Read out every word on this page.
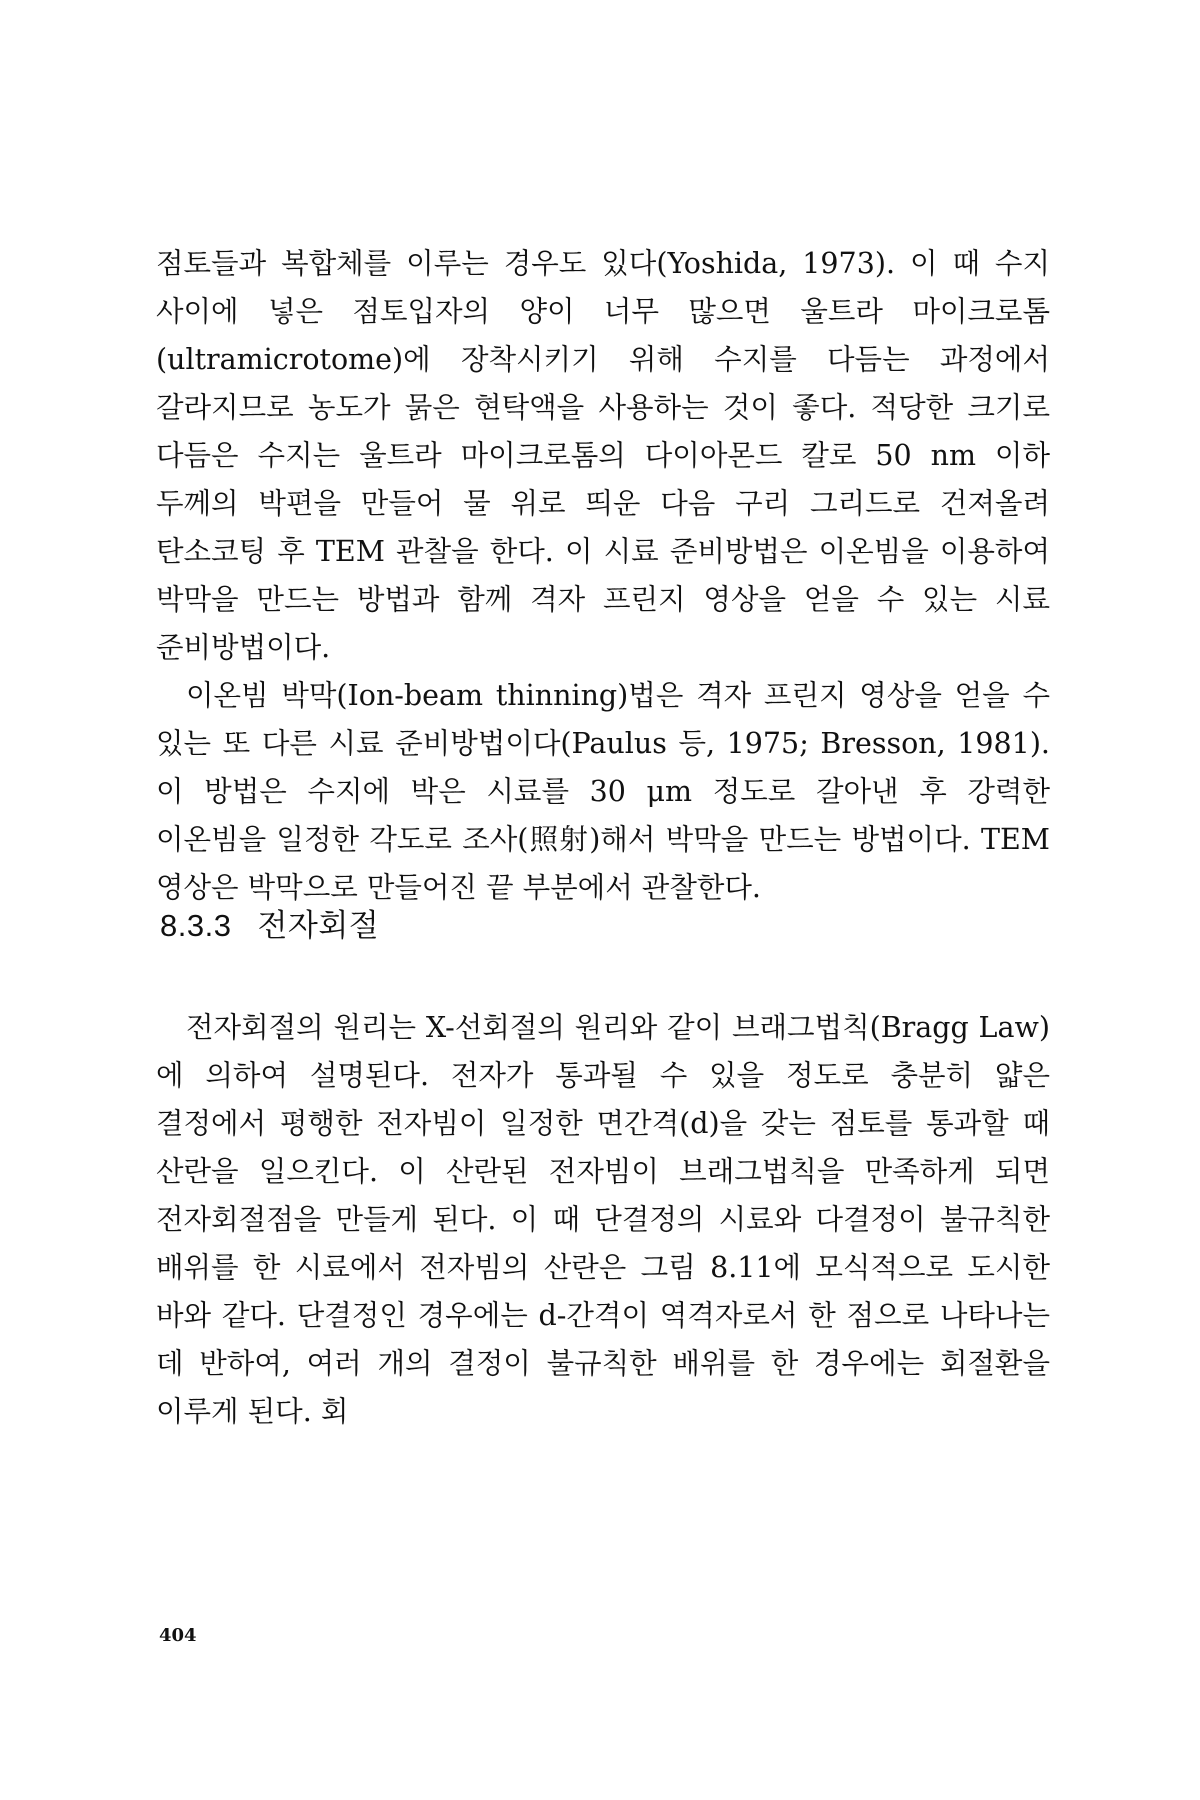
점토들과 복합체를 이루는 경우도 있다(Yoshida, 1973). 이 때 수지 사이에 넣은 점토입자의 양이 너무 많으면 울트라 마이크로톰(ultramicrotome)에 장착시키기 위해 수지를 다듬는 과정에서 갈라지므로 농도가 묽은 현탁액을 사용하는 것이 좋다. 적당한 크기로 다듬은 수지는 울트라 마이크로톰의 다이아몬드 칼로 50 nm 이하 두께의 박편을 만들어 물 위로 띄운 다음 구리 그리드로 건져올려 탄소코팅 후 TEM 관찰을 한다. 이 시료 준비방법은 이온빔을 이용하여 박막을 만드는 방법과 함께 격자 프린지 영상을 얻을 수 있는 시료 준비방법이다.

이온빔 박막(Ion-beam thinning)법은 격자 프린지 영상을 얻을 수 있는 또 다른 시료 준비방법이다(Paulus 등, 1975; Bresson, 1981). 이 방법은 수지에 박은 시료를 30 μm 정도로 갈아낸 후 강력한 이온빔을 일정한 각도로 조사(照射)해서 박막을 만드는 방법이다. TEM 영상은 박막으로 만들어진 끝 부분에서 관찰한다.

8.3.3 전자회절

전자회절의 원리는 X-선회절의 원리와 같이 브래그법칙(Bragg Law)에 의하여 설명된다. 전자가 통과될 수 있을 정도로 충분히 얇은 결정에서 평행한 전자빔이 일정한 면간격(d)을 갖는 점토를 통과할 때 산란을 일으킨다. 이 산란된 전자빔이 브래그법칙을 만족하게 되면 전자회절점을 만들게 된다. 이 때 단결정의 시료와 다결정이 불규칙한 배위를 한 시료에서 전자빔의 산란은 그림 8.11에 모식적으로 도시한 바와 같다. 단결정인 경우에는 d-간격이 역격자로서 한 점으로 나타나는 데 반하여, 여러 개의 결정이 불규칙한 배위를 한 경우에는 회절환을 이루게 된다. 회

404
